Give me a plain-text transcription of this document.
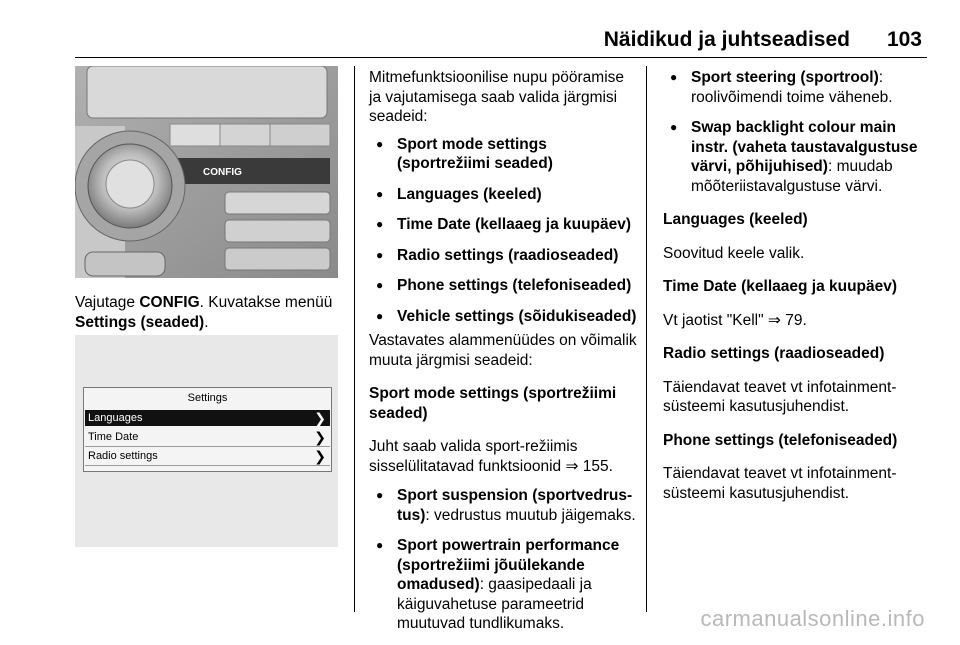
Näidikud ja juhtseadised 103
CONFIG

Vajutage CONFIG. Kuvatakse menüü Settings (seaded).

Settings
Languages	❯
Time Date	❯
Radio settings	❯

Mitmefunktsioonilise nupu pööramise ja vajutamisega saab valida järgmisi seadeid:

● Sport mode settings (sportrežiimi seaded)
● Languages (keeled)
● Time Date (kellaaeg ja kuupäev)
● Radio settings (raadioseaded)
● Phone settings (telefoniseaded)
● Vehicle settings (sõidukiseaded)

Vastavates alammenüüdes on võimalik muuta järgmisi seadeid:

Sport mode settings (sportrežiimi seaded)

Juht saab valida sport-režiimis sisselülitatavad funktsioonid ⇒ 155.

● Sport suspension (sportvedrus-tus): vedrustus muutub jäigemaks.
● Sport powertrain performance (sportrežiimi jõuülekande omadused): gaasipedaali ja käiguvahetuse parameetrid muutuvad tundlikumaks.
● Sport steering (sportrool): roolivõimendi toime väheneb.
● Swap backlight colour main instr. (vaheta taustavalgustuse värvi, põhijuhised): muudab mõõteriistavalgustuse värvi.

Languages (keeled)

Soovitud keele valik.

Time Date (kellaaeg ja kuupäev)

Vt jaotist "Kell" ⇒ 79.

Radio settings (raadioseaded)

Täiendavat teavet vt infotainment-süsteemi kasutusjuhendist.

Phone settings (telefoniseaded)

Täiendavat teavet vt infotainment-süsteemi kasutusjuhendist.

carmanualsonline.info
